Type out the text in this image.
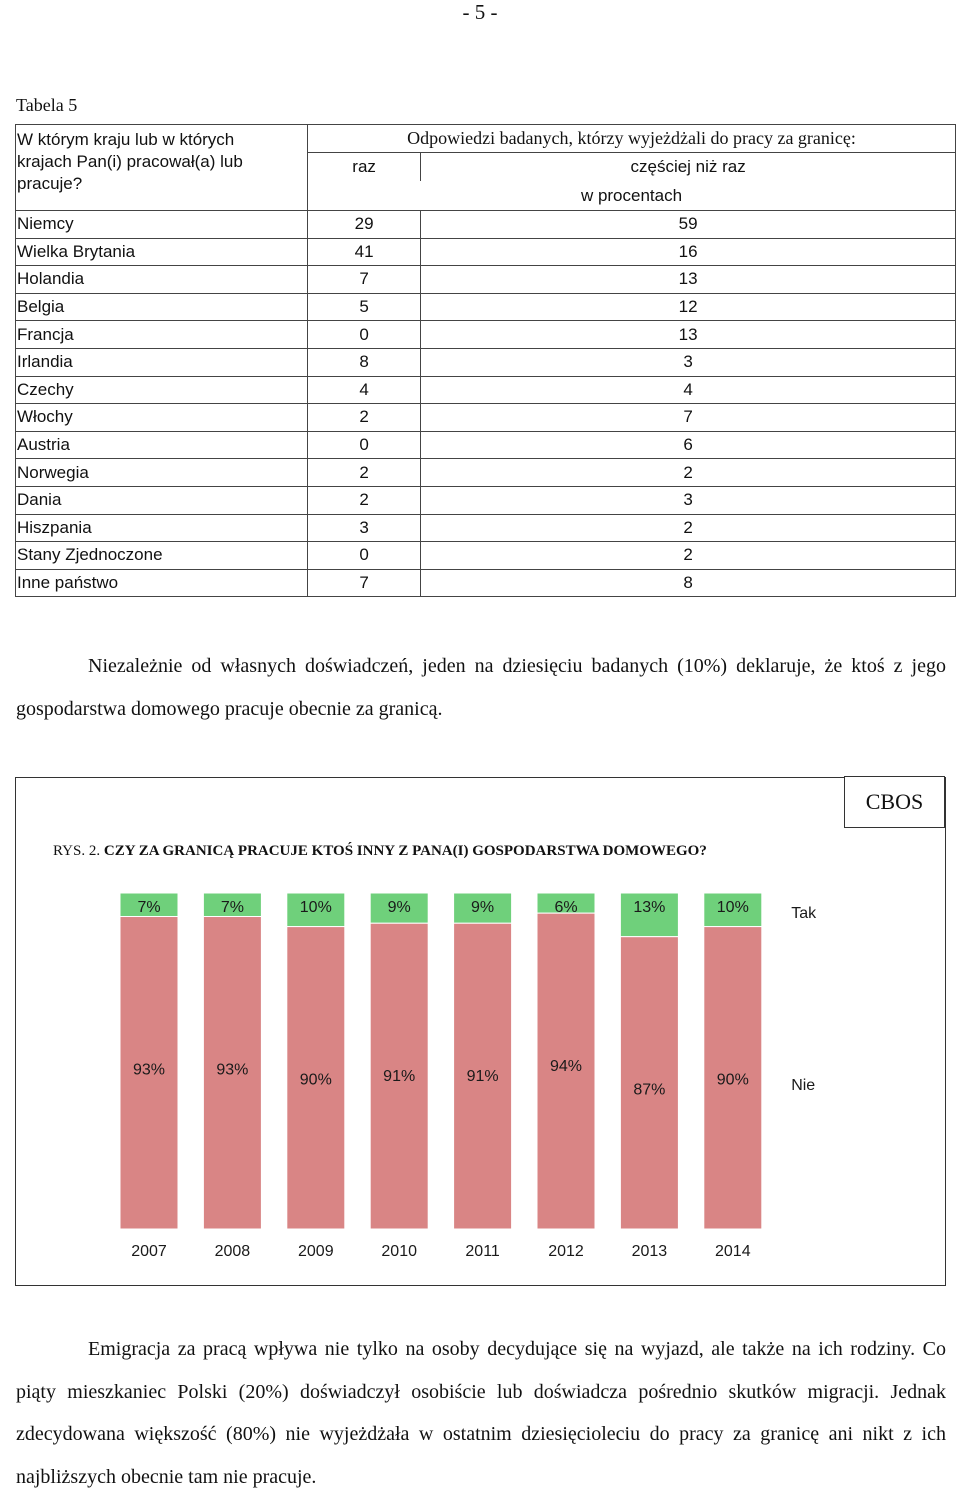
- 5 -
Tabela 5
W którym kraju lub w których
krajach Pan(i) pracował(a) lub
pracuje?	Odpowiedzi badanych, którzy wyjeżdżali do pracy za granicę:	
	raz	częściej niż raz
	w procentach	
Niemcy	29	59
Wielka Brytania	41	16
Holandia	7	13
Belgia	5	12
Francja	0	13
Irlandia	8	3
Czechy	4	4
Włochy	2	7
Austria	0	6
Norwegia	2	2
Dania	2	3
Hiszpania	3	2
Stany Zjednoczone	0	2
Inne państwo	7	8
Niezależnie od własnych doświadczeń, jeden na dziesięciu badanych (10%) deklaruje, że ktoś z jego gospodarstwa domowego pracuje obecnie za granicą.
CBOS
RYS. 2. CZY ZA GRANICĄ PRACUJE KTOŚ INNY Z PANA(I) GOSPODARSTWA DOMOWEGO?
7%
93%
2007
7%
93%
2008
10%
90%
2009
9%
91%
2010
9%
91%
2011
6%
94%
2012
13%
87%
2013
10%
90%
2014
Tak
Nie
Emigracja za pracą wpływa nie tylko na osoby decydujące się na wyjazd, ale także na ich rodziny. Co piąty mieszkaniec Polski (20%) doświadczył osobiście lub doświadcza pośrednio skutków migracji. Jednak zdecydowana większość (80%) nie wyjeżdżała w ostatnim dziesięcioleciu do pracy za granicę ani nikt z ich najbliższych obecnie tam nie pracuje.
